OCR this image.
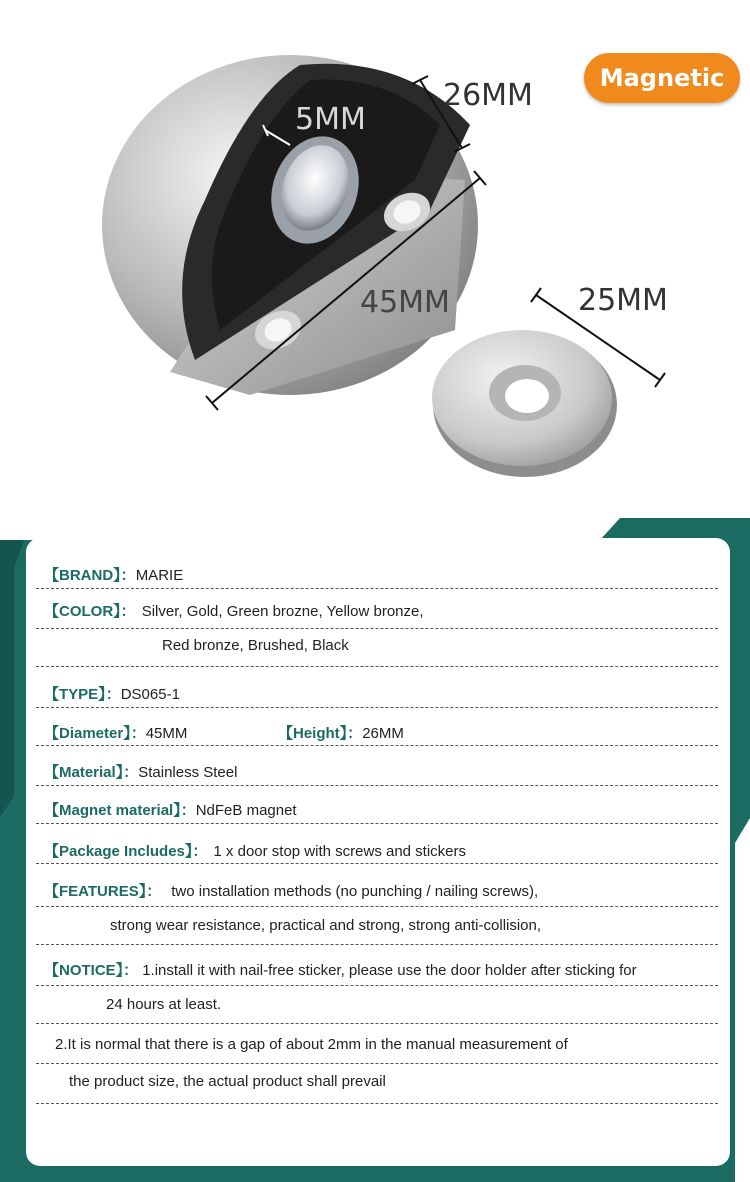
26MM
5MM
45MM	25MM
Magnetic
【BRAND】：MARIE
【COLOR】： Silver, Gold, Green brozne, Yellow bronze,
Red bronze, Brushed, Black
【TYPE】：DS065-1
【Diameter】：45MM	【Height】：26MM
【Material】：Stainless Steel
【Magnet material】：NdFeB magnet
【Package Includes】： 1 x door stop with screws and stickers
【FEATURES】： two installation methods (no punching / nailing screws),
strong wear resistance, practical and strong, strong anti-collision,
【NOTICE】： 1.install it with nail-free sticker, please use the door holder after sticking for
24 hours at least.
2.It is normal that there is a gap of about 2mm in the manual measurement of
the product size, the actual product shall prevail
